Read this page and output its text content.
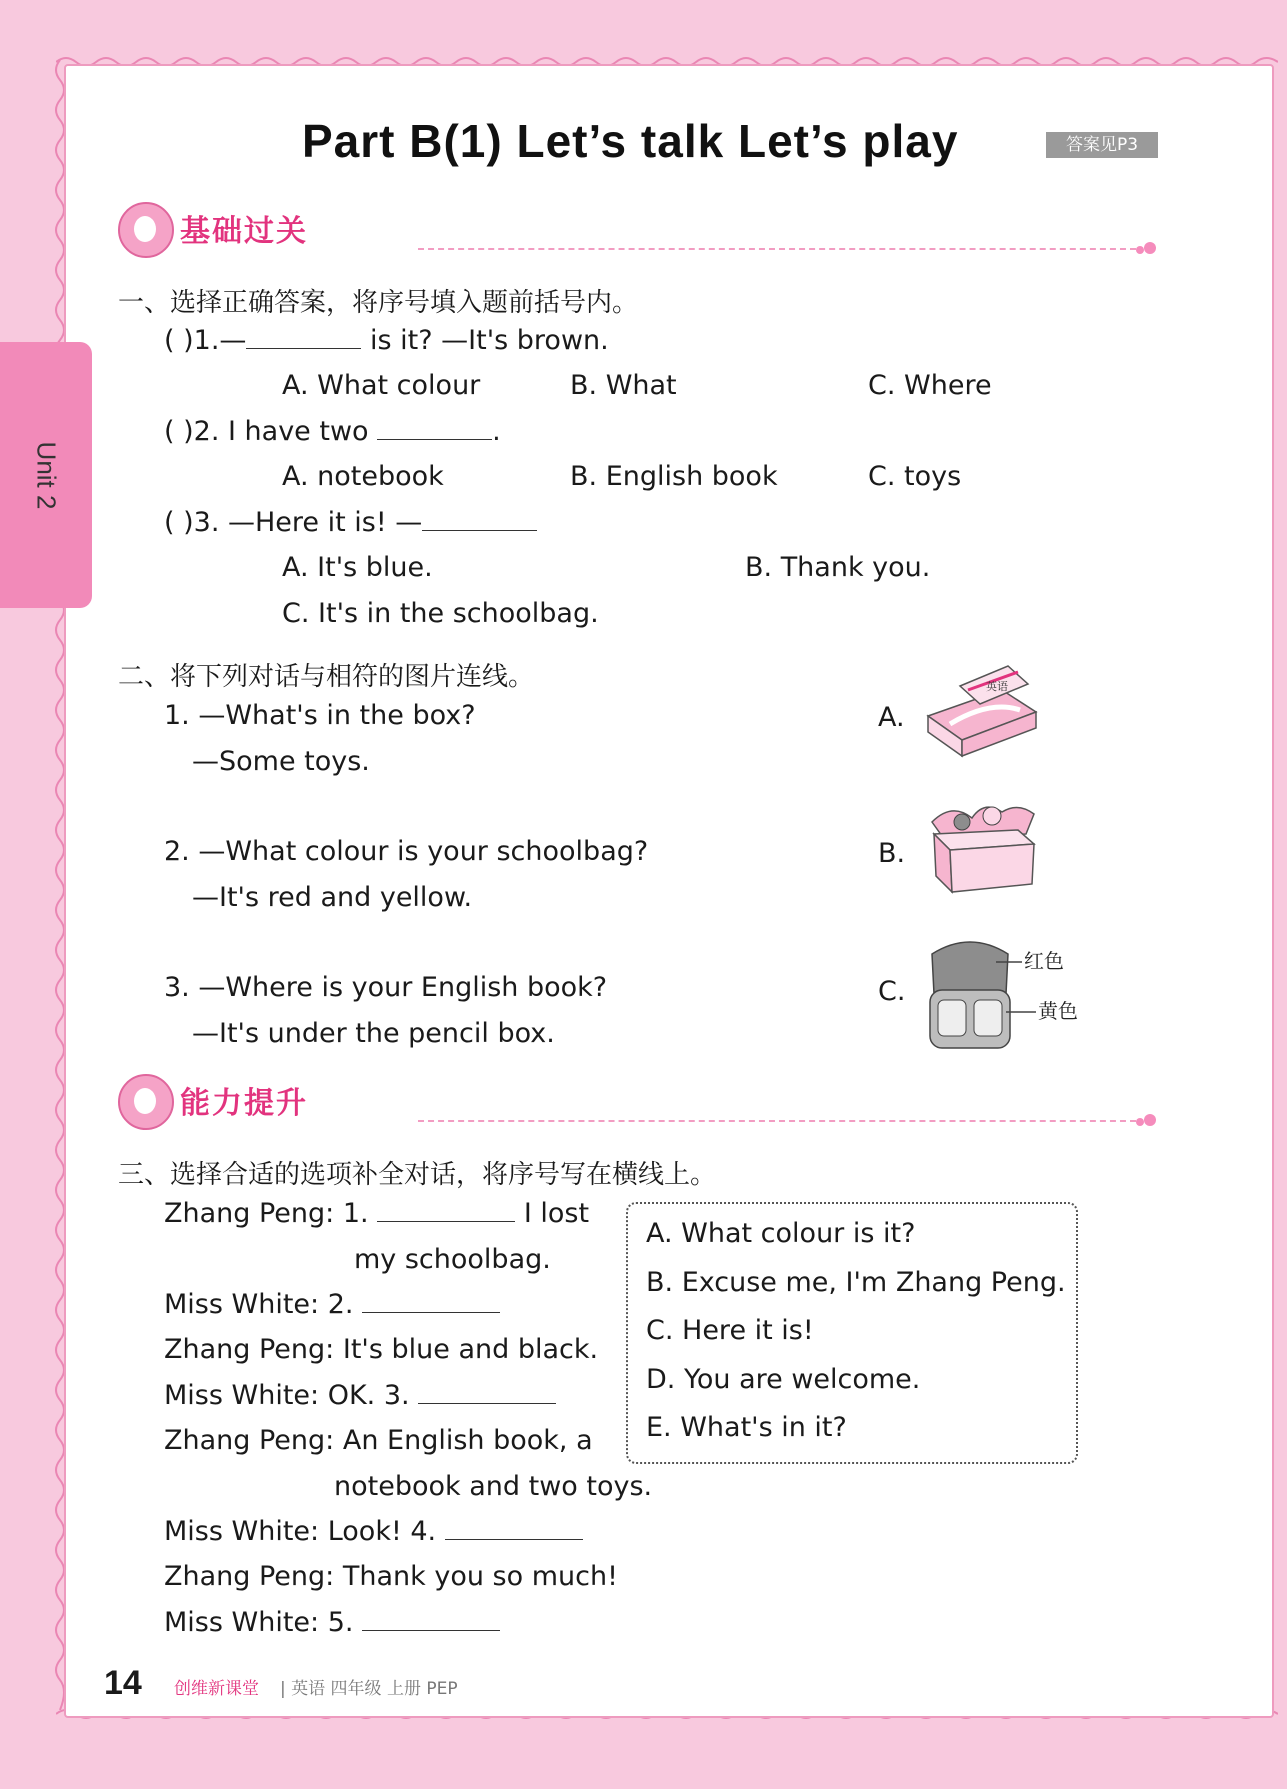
Unit 2
Part B(1) Let’s talk Let’s play	答案见P3
基础过关
一、选择正确答案，将序号填入题前括号内。
( )1.—	is it? —It's brown.
A. What colour	B. What	C. Where
( )2. I have two	.
A. notebook	B. English book	C. toys
( )3. —Here it is! —
A. It's blue.	B. Thank you.
C. It's in the schoolbag.
二、将下列对话与相符的图片连线。
1. —What's in the box?
—Some toys.
2. —What colour is your schoolbag?
—It's red and yellow.
3. —Where is your English book?
—It's under the pencil box.
A.
B.
C.
英语
红色
黄色
能力提升
三、选择合适的选项补全对话，将序号写在横线上。
Zhang Peng: 1.	I lost
my schoolbag.
Miss White: 2.
Zhang Peng: It's blue and black.
Miss White: OK. 3.
Zhang Peng: An English book, a
notebook and two toys.
Miss White: Look! 4.
Zhang Peng: Thank you so much!
Miss White: 5.
A. What colour is it?
B. Excuse me, I'm Zhang Peng.
C. Here it is!
D. You are welcome.
E. What's in it?
14 创维新课堂 | 英语 四年级 上册 PEP
